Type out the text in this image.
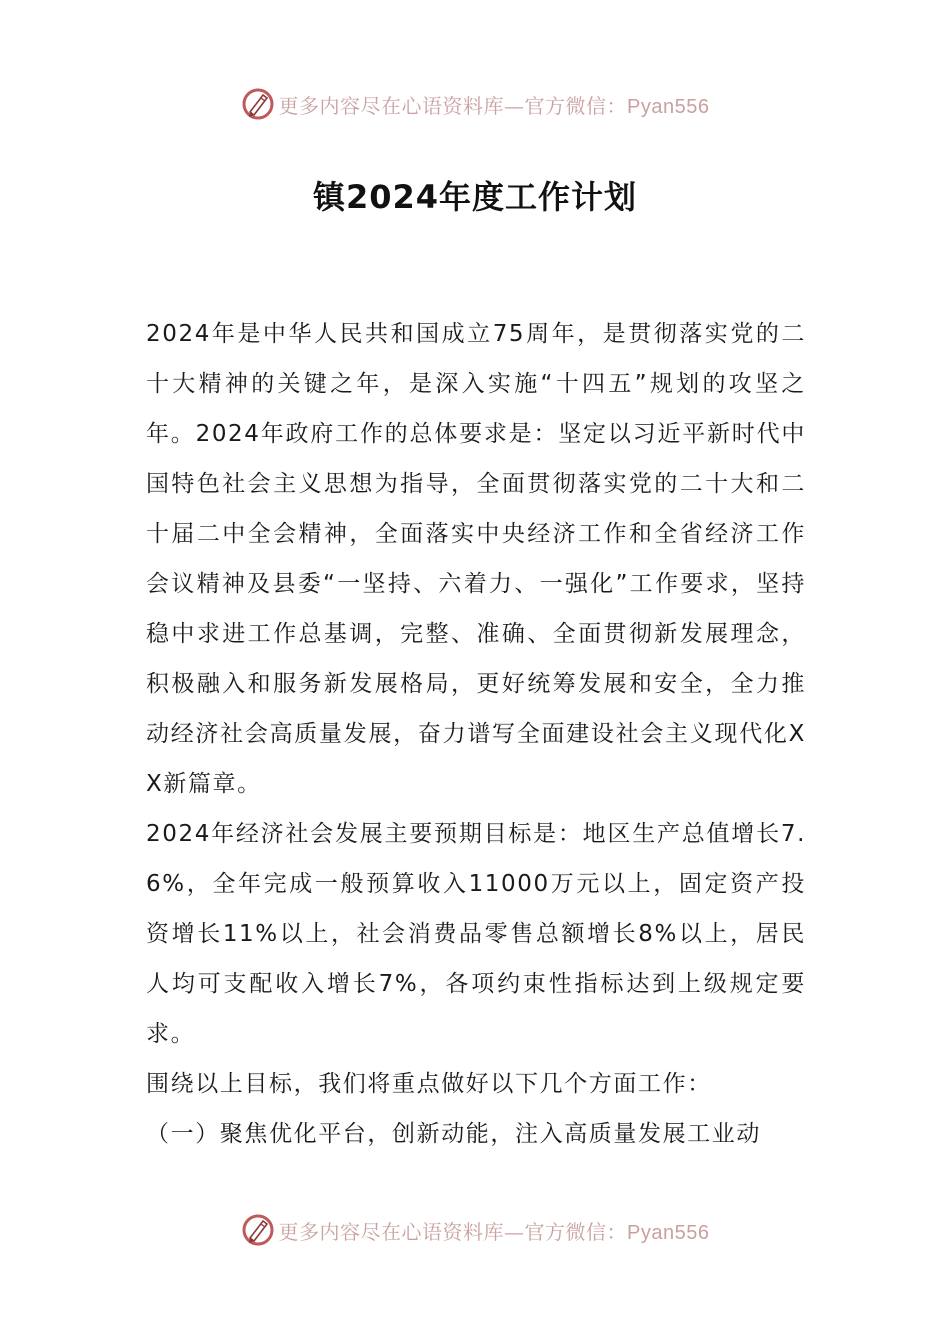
更多内容尽在心语资料库—官方微信：Pyan556
镇2024年度工作计划

2024年是中华人民共和国成立75周年，是贯彻落实党的二十大精神的关键之年，是深入实施“十四五”规划的攻坚之年。2024年政府工作的总体要求是：坚定以习近平新时代中国特色社会主义思想为指导，全面贯彻落实党的二十大和二十届二中全会精神，全面落实中央经济工作和全省经济工作会议精神及县委“一坚持、六着力、一强化”工作要求，坚持稳中求进工作总基调，完整、准确、全面贯彻新发展理念，积极融入和服务新发展格局，更好统筹发展和安全，全力推动经济社会高质量发展，奋力谱写全面建设社会主义现代化XX新篇章。

2024年经济社会发展主要预期目标是：地区生产总值增长7.6%，全年完成一般预算收入11000万元以上，固定资产投资增长11%以上，社会消费品零售总额增长8%以上，居民人均可支配收入增长7%，各项约束性指标达到上级规定要求。

围绕以上目标，我们将重点做好以下几个方面工作：

（一）聚焦优化平台，创新动能，注入高质量发展工业动

更多内容尽在心语资料库—官方微信：Pyan556
